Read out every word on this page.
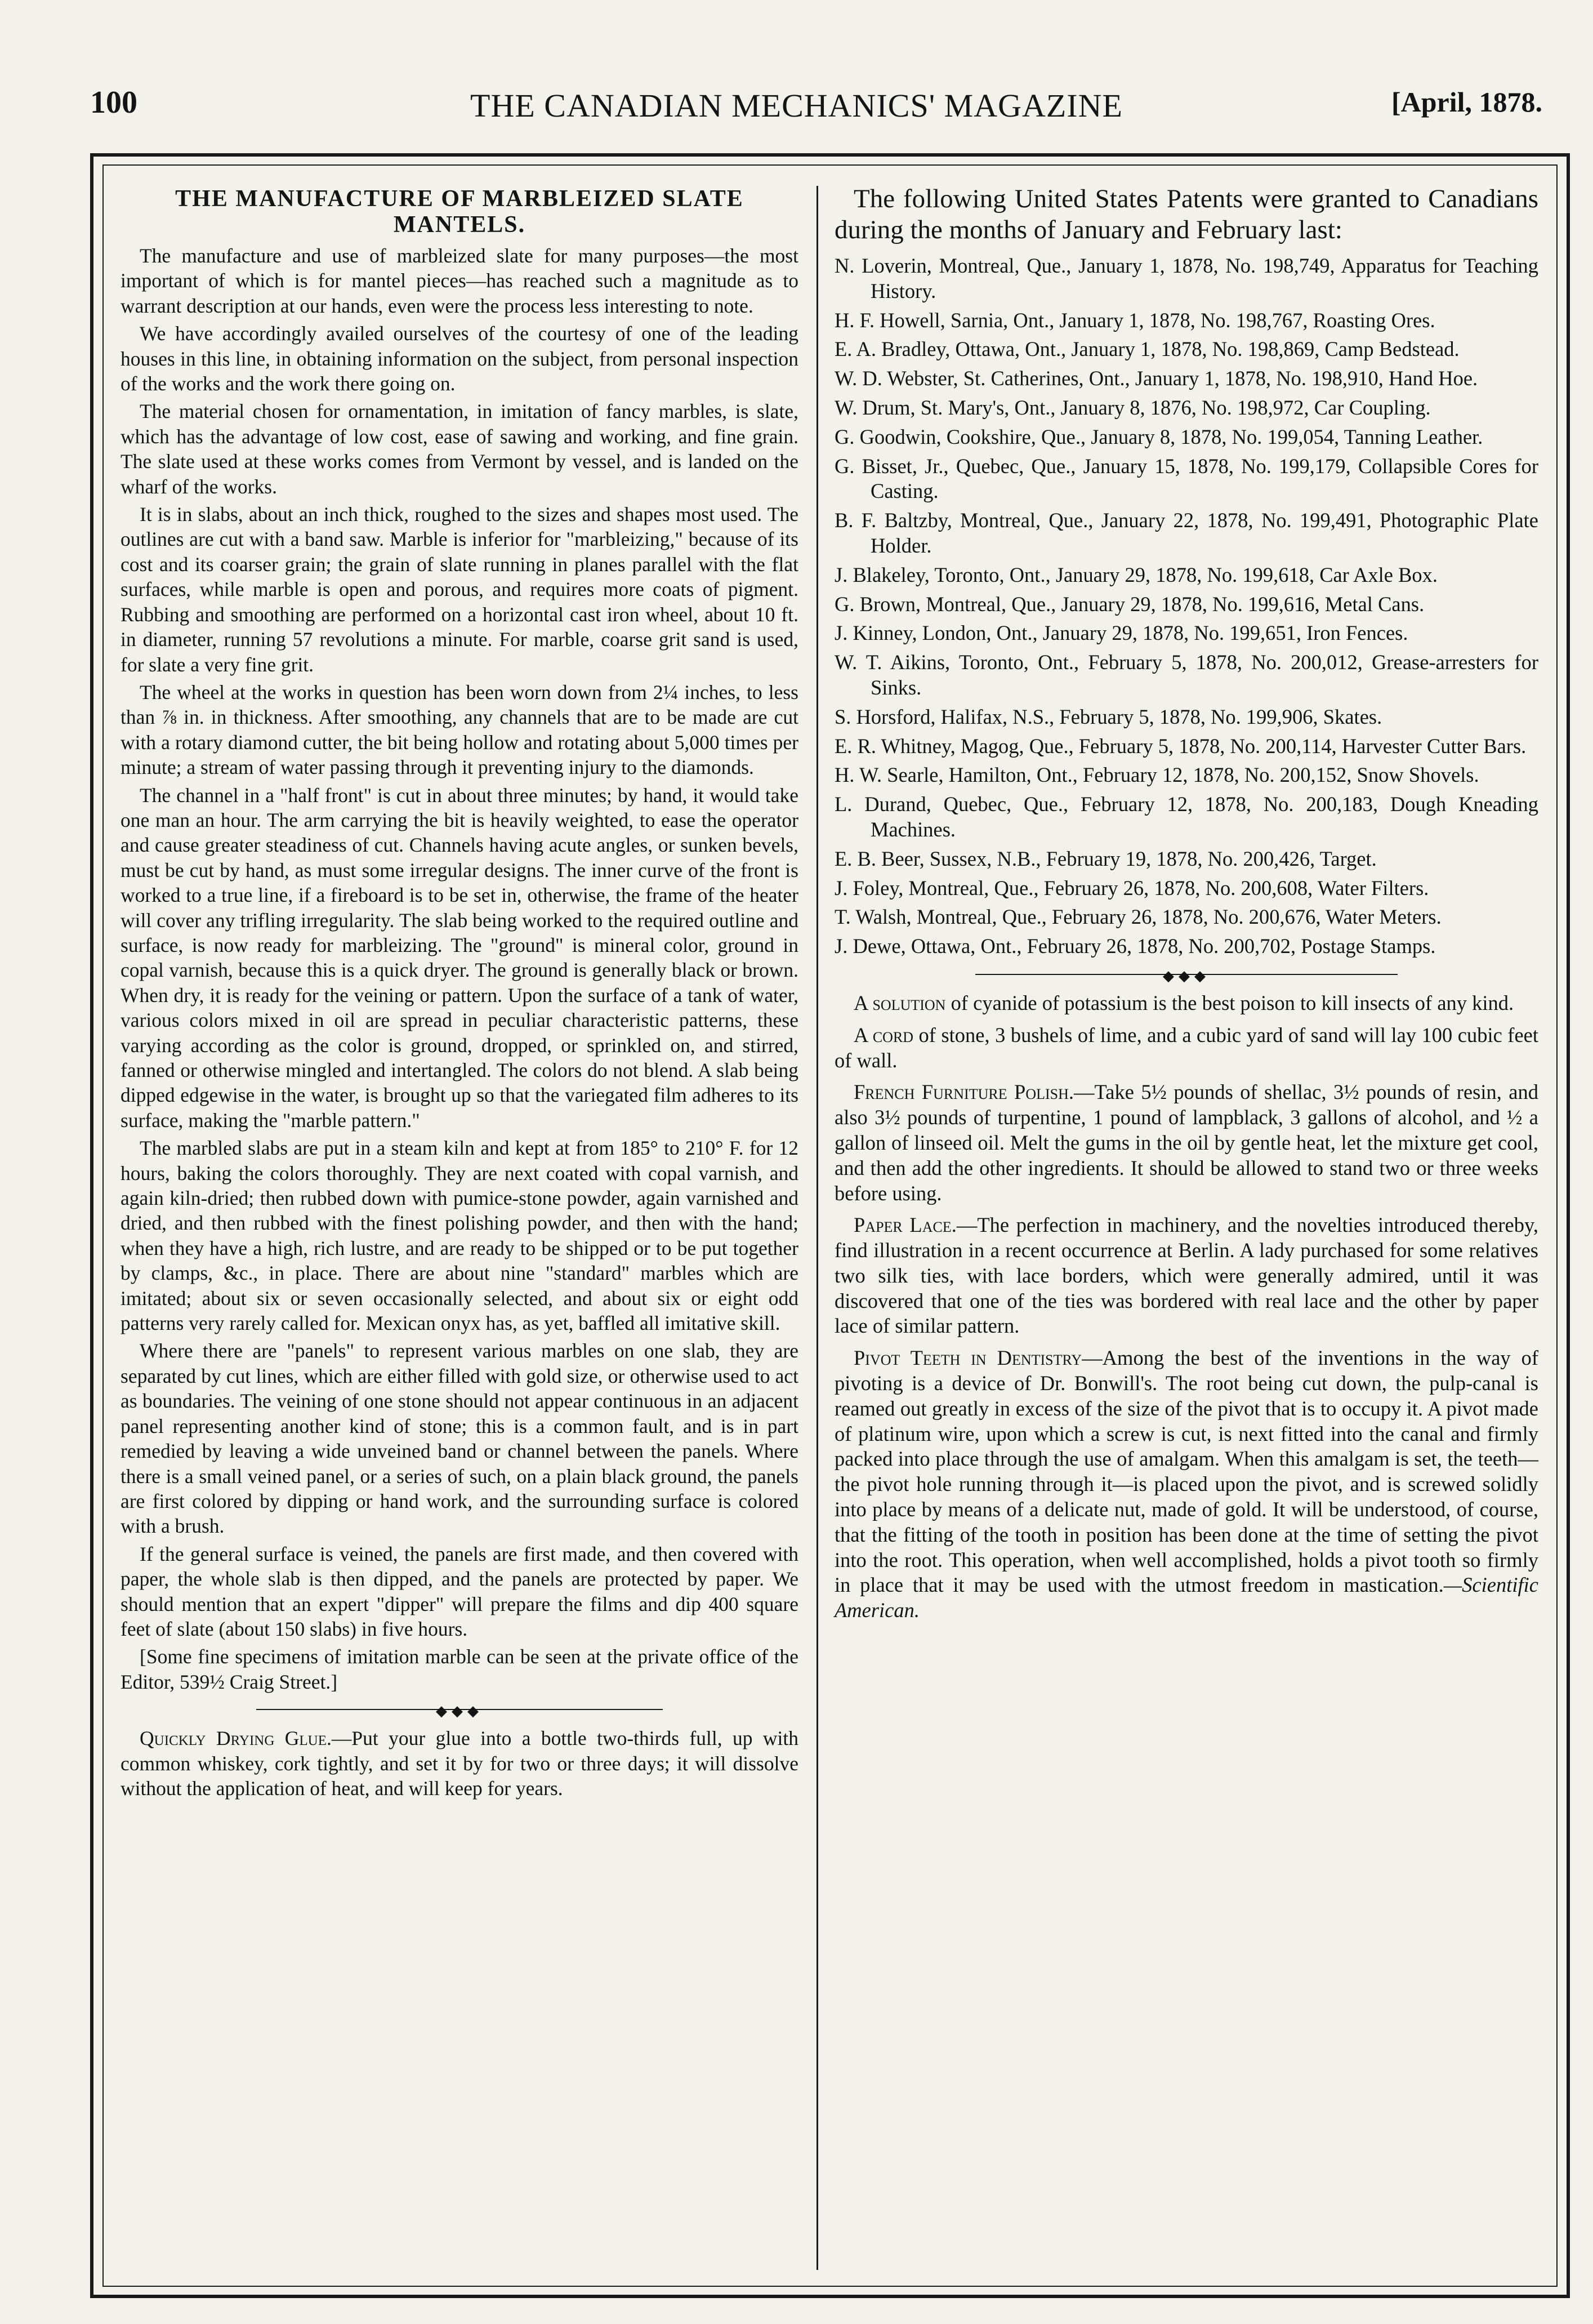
100	THE CANADIAN MECHANICS' MAGAZINE	[April, 1878.
THE MANUFACTURE OF MARBLEIZED SLATE MANTELS.

The manufacture and use of marbleized slate for many purposes—the most important of which is for mantel pieces—has reached such a magnitude as to warrant description at our hands, even were the process less interesting to note.

We have accordingly availed ourselves of the courtesy of one of the leading houses in this line, in obtaining information on the subject, from personal inspection of the works and the work there going on.

The material chosen for ornamentation, in imitation of fancy marbles, is slate, which has the advantage of low cost, ease of sawing and working, and fine grain. The slate used at these works comes from Vermont by vessel, and is landed on the wharf of the works.

It is in slabs, about an inch thick, roughed to the sizes and shapes most used. The outlines are cut with a band saw. Marble is inferior for "marbleizing," because of its cost and its coarser grain; the grain of slate running in planes parallel with the flat surfaces, while marble is open and porous, and requires more coats of pigment. Rubbing and smoothing are performed on a horizontal cast iron wheel, about 10 ft. in diameter, running 57 revolutions a minute. For marble, coarse grit sand is used, for slate a very fine grit.

The wheel at the works in question has been worn down from 2¼ inches, to less than ⅞ in. in thickness. After smoothing, any channels that are to be made are cut with a rotary diamond cutter, the bit being hollow and rotating about 5,000 times per minute; a stream of water passing through it preventing injury to the diamonds.

The channel in a "half front" is cut in about three minutes; by hand, it would take one man an hour. The arm carrying the bit is heavily weighted, to ease the operator and cause greater steadiness of cut. Channels having acute angles, or sunken bevels, must be cut by hand, as must some irregular designs. The inner curve of the front is worked to a true line, if a fireboard is to be set in, otherwise, the frame of the heater will cover any trifling irregularity. The slab being worked to the required outline and surface, is now ready for marbleizing. The "ground" is mineral color, ground in copal varnish, because this is a quick dryer. The ground is generally black or brown. When dry, it is ready for the veining or pattern. Upon the surface of a tank of water, various colors mixed in oil are spread in peculiar characteristic patterns, these varying according as the color is ground, dropped, or sprinkled on, and stirred, fanned or otherwise mingled and intertangled. The colors do not blend. A slab being dipped edgewise in the water, is brought up so that the variegated film adheres to its surface, making the "marble pattern."

The marbled slabs are put in a steam kiln and kept at from 185° to 210° F. for 12 hours, baking the colors thoroughly. They are next coated with copal varnish, and again kiln-dried; then rubbed down with pumice-stone powder, again varnished and dried, and then rubbed with the finest polishing powder, and then with the hand; when they have a high, rich lustre, and are ready to be shipped or to be put together by clamps, &c., in place. There are about nine "standard" marbles which are imitated; about six or seven occasionally selected, and about six or eight odd patterns very rarely called for. Mexican onyx has, as yet, baffled all imitative skill.

Where there are "panels" to represent various marbles on one slab, they are separated by cut lines, which are either filled with gold size, or otherwise used to act as boundaries. The veining of one stone should not appear continuous in an adjacent panel representing another kind of stone; this is a common fault, and is in part remedied by leaving a wide unveined band or channel between the panels. Where there is a small veined panel, or a series of such, on a plain black ground, the panels are first colored by dipping or hand work, and the surrounding surface is colored with a brush.

If the general surface is veined, the panels are first made, and then covered with paper, the whole slab is then dipped, and the panels are protected by paper. We should mention that an expert "dipper" will prepare the films and dip 400 square feet of slate (about 150 slabs) in five hours.

[Some fine specimens of imitation marble can be seen at the private office of the Editor, 539½ Craig Street.]

◆◆◆

Quickly Drying Glue.—Put your glue into a bottle two-thirds full, up with common whiskey, cork tightly, and set it by for two or three days; it will dissolve without the application of heat, and will keep for years.

The following United States Patents were granted to Canadians during the months of January and February last:

N. Loverin, Montreal, Que., January 1, 1878, No. 198,749, Apparatus for Teaching History.
H. F. Howell, Sarnia, Ont., January 1, 1878, No. 198,767, Roasting Ores.
E. A. Bradley, Ottawa, Ont., January 1, 1878, No. 198,869, Camp Bedstead.
W. D. Webster, St. Catherines, Ont., January 1, 1878, No. 198,910, Hand Hoe.
W. Drum, St. Mary's, Ont., January 8, 1876, No. 198,972, Car Coupling.
G. Goodwin, Cookshire, Que., January 8, 1878, No. 199,054, Tanning Leather.
G. Bisset, Jr., Quebec, Que., January 15, 1878, No. 199,179, Collapsible Cores for Casting.
B. F. Baltzby, Montreal, Que., January 22, 1878, No. 199,491, Photographic Plate Holder.
J. Blakeley, Toronto, Ont., January 29, 1878, No. 199,618, Car Axle Box.
G. Brown, Montreal, Que., January 29, 1878, No. 199,616, Metal Cans.
J. Kinney, London, Ont., January 29, 1878, No. 199,651, Iron Fences.
W. T. Aikins, Toronto, Ont., February 5, 1878, No. 200,012, Grease-arresters for Sinks.
S. Horsford, Halifax, N.S., February 5, 1878, No. 199,906, Skates.
E. R. Whitney, Magog, Que., February 5, 1878, No. 200,114, Harvester Cutter Bars.
H. W. Searle, Hamilton, Ont., February 12, 1878, No. 200,152, Snow Shovels.
L. Durand, Quebec, Que., February 12, 1878, No. 200,183, Dough Kneading Machines.
E. B. Beer, Sussex, N.B., February 19, 1878, No. 200,426, Target.
J. Foley, Montreal, Que., February 26, 1878, No. 200,608, Water Filters.
T. Walsh, Montreal, Que., February 26, 1878, No. 200,676, Water Meters.
J. Dewe, Ottawa, Ont., February 26, 1878, No. 200,702, Postage Stamps.
◆◆◆

A solution of cyanide of potassium is the best poison to kill insects of any kind.

A cord of stone, 3 bushels of lime, and a cubic yard of sand will lay 100 cubic feet of wall.

French Furniture Polish.—Take 5½ pounds of shellac, 3½ pounds of resin, and also 3½ pounds of turpentine, 1 pound of lampblack, 3 gallons of alcohol, and ½ a gallon of linseed oil. Melt the gums in the oil by gentle heat, let the mixture get cool, and then add the other ingredients. It should be allowed to stand two or three weeks before using.

Paper Lace.—The perfection in machinery, and the novelties introduced thereby, find illustration in a recent occurrence at Berlin. A lady purchased for some relatives two silk ties, with lace borders, which were generally admired, until it was discovered that one of the ties was bordered with real lace and the other by paper lace of similar pattern.

Pivot Teeth in Dentistry—Among the best of the inventions in the way of pivoting is a device of Dr. Bonwill's. The root being cut down, the pulp-canal is reamed out greatly in excess of the size of the pivot that is to occupy it. A pivot made of platinum wire, upon which a screw is cut, is next fitted into the canal and firmly packed into place through the use of amalgam. When this amalgam is set, the teeth—the pivot hole running through it—is placed upon the pivot, and is screwed solidly into place by means of a delicate nut, made of gold. It will be understood, of course, that the fitting of the tooth in position has been done at the time of setting the pivot into the root. This operation, when well accomplished, holds a pivot tooth so firmly in place that it may be used with the utmost freedom in mastication.—Scientific American.
